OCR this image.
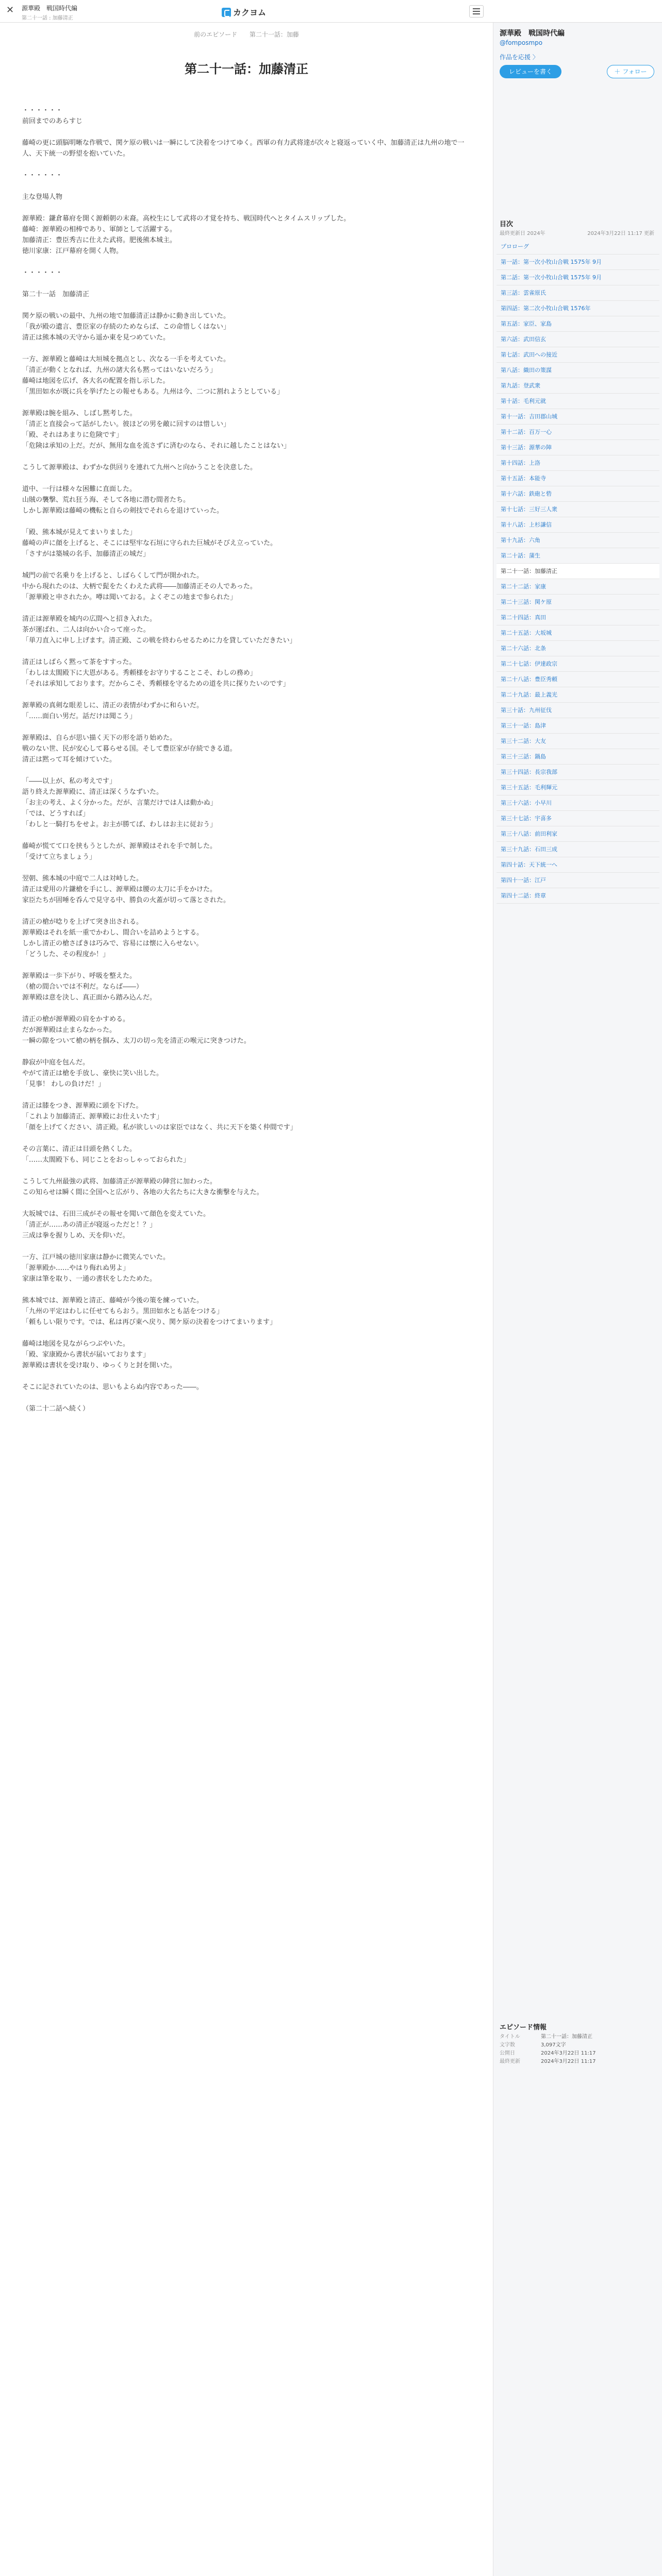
✕ 源華殿　戦国時代編
第二十一話 : 加藤清正
カクヨム
前のエピソード 第二十一話：加藤
第二十一話：加藤清正

・・・・・・

前回までのあらすじ

藤崎の更に頭脳明晰な作戦で、関ケ原の戦いは一瞬にして決着をつけてゆく。西軍の有力武将達が次々と寝返っていく中、加藤清正は九州の地で一人、天下統一の野望を抱いていた。

・・・・・・

主な登場人物

源華殿：鎌倉幕府を開く源頼朝の末裔。高校生にして武将の才覚を持ち、戦国時代へとタイムスリップした。

藤崎：源華殿の相棒であり、軍師として活躍する。

加藤清正：豊臣秀吉に仕えた武将。肥後熊本城主。

徳川家康：江戸幕府を開く人物。

・・・・・・

第二十一話　加藤清正

関ケ原の戦いの最中、九州の地で加藤清正は静かに動き出していた。

「我が殿の遺言、豊臣家の存続のためならば、この命惜しくはない」

清正は熊本城の天守から遥か東を見つめていた。

一方、源華殿と藤崎は大垣城を拠点とし、次なる一手を考えていた。

「清正が動くとなれば、九州の諸大名も黙ってはいないだろう」

藤崎は地図を広げ、各大名の配置を指し示した。

「黒田如水が既に兵を挙げたとの報せもある。九州は今、二つに割れようとしている」

源華殿は腕を組み、しばし黙考した。

「清正と直接会って話がしたい。彼ほどの男を敵に回すのは惜しい」

「殿、それはあまりに危険です」

「危険は承知の上だ。だが、無用な血を流さずに済むのなら、それに越したことはない」

こうして源華殿は、わずかな供回りを連れて九州へと向かうことを決意した。

道中、一行は様々な困難に直面した。

山賊の襲撃、荒れ狂う海、そして各地に潜む間者たち。

しかし源華殿は藤崎の機転と自らの剣技でそれらを退けていった。

「殿、熊本城が見えてまいりました」

藤崎の声に顔を上げると、そこには堅牢な石垣に守られた巨城がそびえ立っていた。

「さすがは築城の名手、加藤清正の城だ」

城門の前で名乗りを上げると、しばらくして門が開かれた。

中から現れたのは、大柄で髭をたくわえた武将――加藤清正その人であった。

「源華殿と申されたか。噂は聞いておる。よくぞこの地まで参られた」

清正は源華殿を城内の広間へと招き入れた。

茶が運ばれ、二人は向かい合って座った。

「単刀直入に申し上げます。清正殿、この戦を終わらせるために力を貸していただきたい」

清正はしばらく黙って茶をすすった。

「わしは太閤殿下に大恩がある。秀頼様をお守りすることこそ、わしの務め」

「それは承知しております。だからこそ、秀頼様を守るための道を共に探りたいのです」

源華殿の真剣な眼差しに、清正の表情がわずかに和らいだ。

「……面白い男だ。話だけは聞こう」

源華殿は、自らが思い描く天下の形を語り始めた。

戦のない世、民が安心して暮らせる国。そして豊臣家が存続できる道。

清正は黙って耳を傾けていた。

「――以上が、私の考えです」

語り終えた源華殿に、清正は深くうなずいた。

「お主の考え、よく分かった。だが、言葉だけでは人は動かぬ」

「では、どうすれば」

「わしと一騎打ちをせよ。お主が勝てば、わしはお主に従おう」

藤崎が慌てて口を挟もうとしたが、源華殿はそれを手で制した。

「受けて立ちましょう」

翌朝、熊本城の中庭で二人は対峙した。

清正は愛用の片鎌槍を手にし、源華殿は腰の太刀に手をかけた。

家臣たちが固唾を呑んで見守る中、勝負の火蓋が切って落とされた。

清正の槍が唸りを上げて突き出される。

源華殿はそれを紙一重でかわし、間合いを詰めようとする。

しかし清正の槍さばきは巧みで、容易には懐に入らせない。

「どうした、その程度か！」

源華殿は一歩下がり、呼吸を整えた。

（槍の間合いでは不利だ。ならば――）

源華殿は意を決し、真正面から踏み込んだ。

清正の槍が源華殿の肩をかすめる。

だが源華殿は止まらなかった。

一瞬の隙をついて槍の柄を掴み、太刀の切っ先を清正の喉元に突きつけた。

静寂が中庭を包んだ。

やがて清正は槍を手放し、豪快に笑い出した。

「見事！ わしの負けだ！」

清正は膝をつき、源華殿に頭を下げた。

「これより加藤清正、源華殿にお仕えいたす」

「顔を上げてください、清正殿。私が欲しいのは家臣ではなく、共に天下を築く仲間です」

その言葉に、清正は目頭を熱くした。

「……太閤殿下も、同じことをおっしゃっておられた」

こうして九州最強の武将、加藤清正が源華殿の陣営に加わった。

この知らせは瞬く間に全国へと広がり、各地の大名たちに大きな衝撃を与えた。

大坂城では、石田三成がその報せを聞いて顔色を変えていた。

「清正が……あの清正が寝返っただと！？」

三成は拳を握りしめ、天を仰いだ。

一方、江戸城の徳川家康は静かに微笑んでいた。

「源華殿か……やはり侮れぬ男よ」

家康は筆を取り、一通の書状をしたためた。

熊本城では、源華殿と清正、藤崎が今後の策を練っていた。

「九州の平定はわしに任せてもらおう。黒田如水とも話をつける」

「頼もしい限りです。では、私は再び東へ戻り、関ケ原の決着をつけてまいります」

藤崎は地図を見ながらつぶやいた。

「殿、家康殿から書状が届いております」

源華殿は書状を受け取り、ゆっくりと封を開いた。

そこに記されていたのは、思いもよらぬ内容であった――。

（第二十二話へ続く）

源華殿　戦国時代編
@fomposmpo
作品を応援 〉
レビューを書く	＋ フォロー
目次
最終更新日 2024年	2024年3月22日 11:17 更新
プロローグ
第一話：第一次小牧山合戦 1575年 9月
第二話：第一次小牧山合戦 1575年 9月
第三話：雲雀原氏
第四話：第二次小牧山合戦 1576年
第五話：家臣、家島
第六話：武田信玄
第七話：武田への接近
第八話：織田の策謀
第九話：登武衆
第十話：毛利元就
第十一話：吉田郡山城
第十二話：百万一心
第十三話：源華の陣
第十四話：上洛
第十五話：本能寺
第十六話：鉄砲と砦
第十七話：三好三人衆
第十八話：上杉謙信
第十九話：六角
第二十話：蒲生
第二十一話：加藤清正
第二十二話：家康
第二十三話：関ケ原
第二十四話：真田
第二十五話：大坂城
第二十六話：北条
第二十七話：伊達政宗
第二十八話：豊臣秀頼
第二十九話：最上義光
第三十話：九州征伐
第三十一話：島津
第三十二話：大友
第三十三話：鍋島
第三十四話：長宗我部
第三十五話：毛利輝元
第三十六話：小早川
第三十七話：宇喜多
第三十八話：前田利家
第三十九話：石田三成
第四十話：天下統一へ
第四十一話：江戸
第四十二話：終章
エピソード情報
タイトル	第二十一話：加藤清正
文字数	3,097文字
公開日	2024年3月22日 11:17
最終更新	2024年3月22日 11:17
